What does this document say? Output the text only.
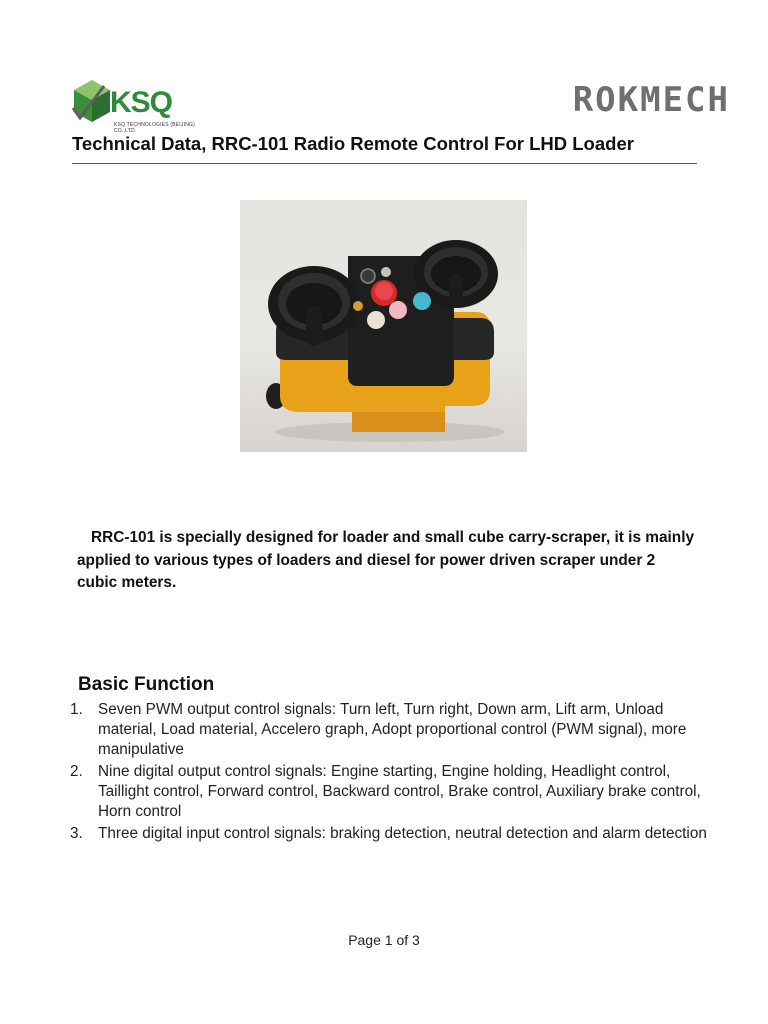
KSQ
KSQ TECHNOLOGIES (BEIJING) CO.,LTD.
ROKMECH
Technical Data, RRC-101 Radio Remote Control For LHD Loader
RRC-101 is specially designed for loader and small cube carry-scraper, it is mainly applied to various types of loaders and diesel for power driven scraper under 2 cubic meters.
Basic Function
1. Seven PWM output control signals: Turn left, Turn right, Down arm, Lift arm, Unload material, Load material, Accelero graph, Adopt proportional control (PWM signal), more manipulative
2. Nine digital output control signals: Engine starting, Engine holding, Headlight control, Taillight control, Forward control, Backward control, Brake control, Auxiliary brake control, Horn control
3. Three digital input control signals: braking detection, neutral detection and alarm detection
Page 1 of 3
